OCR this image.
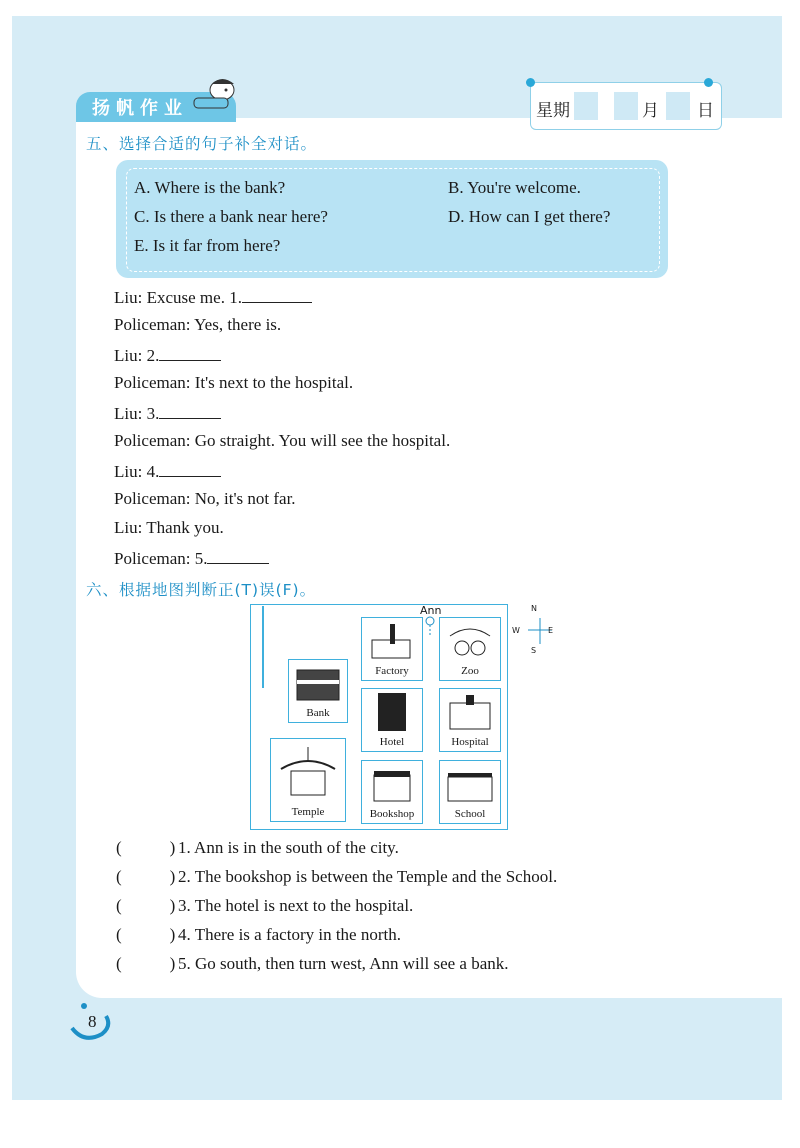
扬帆作业	星期	月 日
五、选择合适的句子补全对话。
A. Where is the bank?	B. You're welcome.
C. Is there a bank near here?	D. How can I get there?
E. Is it far from here?
Liu: Excuse me. 1.
Policeman: Yes, there is.
Liu: 2.
Policeman: It's next to the hospital.
Liu: 3.
Policeman: Go straight. You will see the hospital.
Liu: 4.
Policeman: No, it's not far.
Liu: Thank you.
Policeman: 5.
六、根据地图判断正(T)误(F)。
Ann	N
S
W	E
Factory	Zoo
Bank
Hotel	Hospital
Temple	Bookshop	School
(	) 1. Ann is in the south of the city.
(	) 2. The bookshop is between the Temple and the School.
(	) 3. The hotel is next to the hospital.
(	) 4. There is a factory in the north.
(	) 5. Go south, then turn west, Ann will see a bank.
8
